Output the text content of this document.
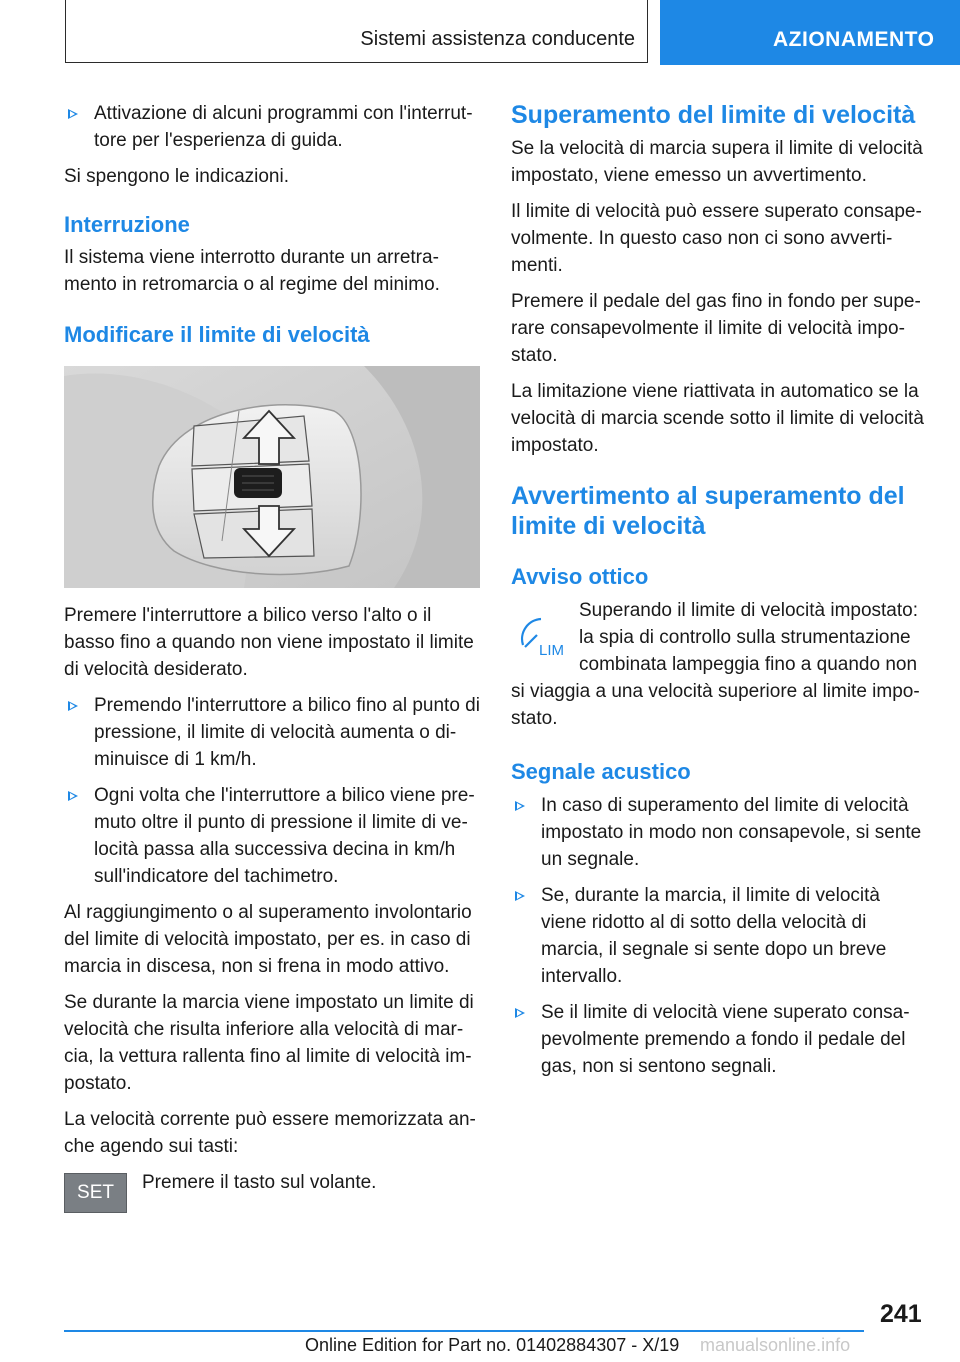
Sistemi assistenza conducente	AZIONAMENTO
Attivazione di alcuni programmi con l'interruttore per l'esperienza di guida.

Si spengono le indicazioni.

Interruzione

Il sistema viene interrotto durante un arretramento in retromarcia o al regime del minimo.

Modificare il limite di velocità

Premere l'interruttore a bilico verso l'alto o il basso fino a quando non viene impostato il limite di velocità desiderato.

Premendo l'interruttore a bilico fino al punto di pressione, il limite di velocità aumenta o diminuisce di 1 km/h.
Ogni volta che l'interruttore a bilico viene premuto oltre il punto di pressione il limite di velocità passa alla successiva decina in km/h sull'indicatore del tachimetro.

Al raggiungimento o al superamento involontario del limite di velocità impostato, per es. in caso di marcia in discesa, non si frena in modo attivo.

Se durante la marcia viene impostato un limite di velocità che risulta inferiore alla velocità di marcia, la vettura rallenta fino al limite di velocità impostato.

La velocità corrente può essere memorizzata anche agendo sui tasti:

SET	Premere il tasto sul volante.

Superamento del limite di velocità

Se la velocità di marcia supera il limite di velocità impostato, viene emesso un avvertimento.

Il limite di velocità può essere superato consapevolmente. In questo caso non ci sono avvertimenti.

Premere il pedale del gas fino in fondo per superare consapevolmente il limite di velocità impostato.

La limitazione viene riattivata in automatico se la velocità di marcia scende sotto il limite di velocità impostato.

Avvertimento al superamento del limite di velocità
Avviso ottico
LIM
Superando il limite di velocità impostato: la spia di controllo sulla strumentazione combinata lampeggia fino a quando non si viaggia a una velocità superiore al limite impostato.
Segnale acustico
In caso di superamento del limite di velocità impostato in modo non consapevole, si sente un segnale.
Se, durante la marcia, il limite di velocità viene ridotto al di sotto della velocità di marcia, il segnale si sente dopo un breve intervallo.
Se il limite di velocità viene superato consapevolmente premendo a fondo il pedale del gas, non si sentono segnali.
241
Online Edition for Part no. 01402884307 - X/19 manualsonline.info
